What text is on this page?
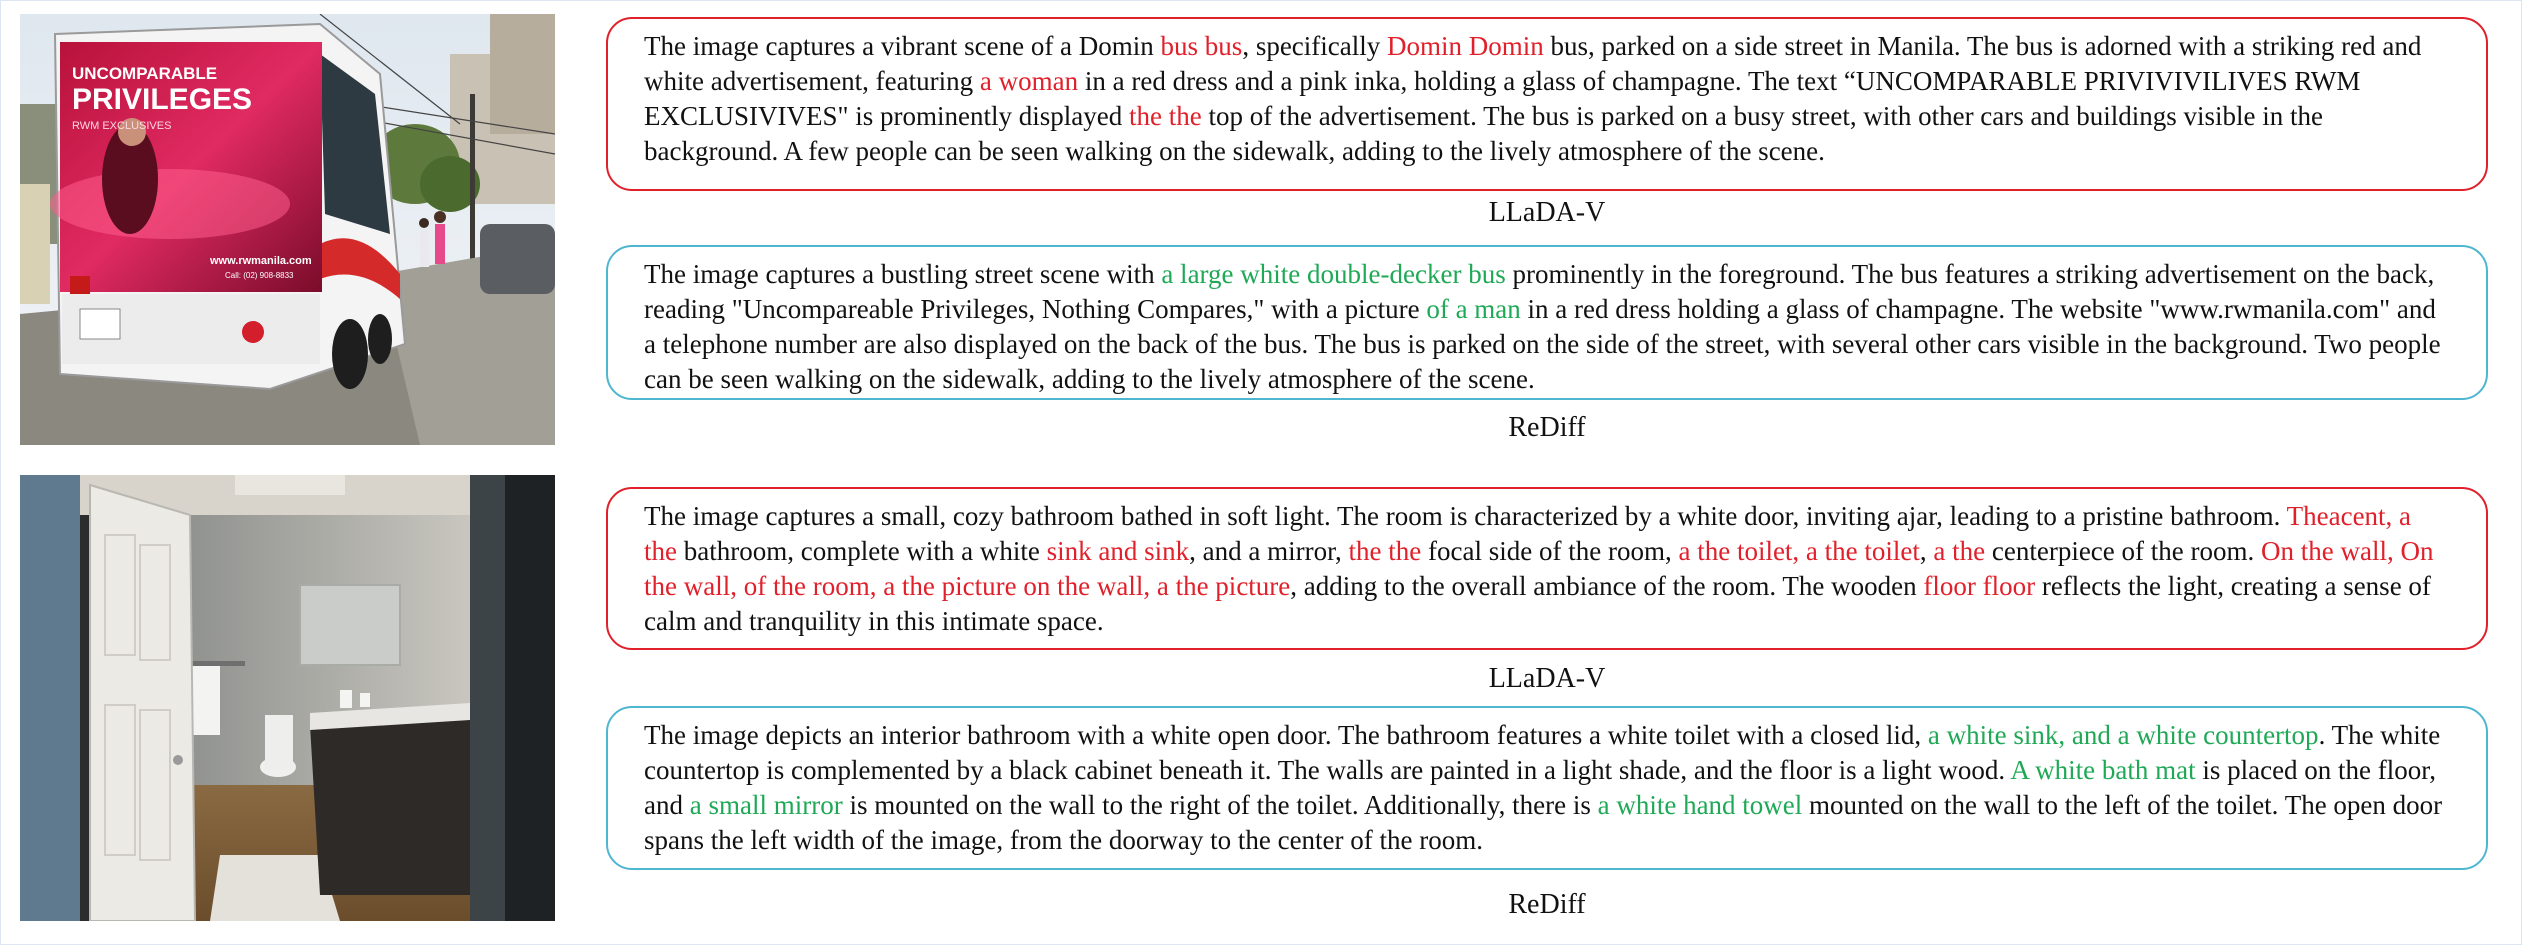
UNCOMPARABLE
PRIVILEGES
RWM EXCLUSIVES
www.rwmanila.com
Call: (02) 908-8833
The image captures a vibrant scene of a Domin bus bus, specifically Domin Domin bus, parked on a side street in Manila. The bus is adorned with a striking red and white advertisement, featuring a woman in a red dress and a pink inka, holding a glass of champagne. The text “UNCOMPARABLE PRIVIVIVILIVES RWM EXCLUSIVIVES" is prominently displayed the the top of the advertisement. The bus is parked on a busy street, with other cars and buildings visible in the background. A few people can be seen walking on the sidewalk, adding to the lively atmosphere of the scene.
LLaDA-V
The image captures a bustling street scene with a large white double-decker bus prominently in the foreground. The bus features a striking advertisement on the back, reading "Uncompareable Privileges, Nothing Compares," with a picture of a man in a red dress holding a glass of champagne. The website "www.rwmanila.com" and a telephone number are also displayed on the back of the bus. The bus is parked on the side of the street, with several other cars visible in the background. Two people can be seen walking on the sidewalk, adding to the lively atmosphere of the scene.
ReDiff
The image captures a small, cozy bathroom bathed in soft light. The room is characterized by a white door, inviting ajar, leading to a pristine bathroom. Theacent, a the bathroom, complete with a white sink and sink, and a mirror, the the focal side of the room, a the toilet, a the toilet, a the centerpiece of the room. On the wall, On the wall, of the room, a the picture on the wall, a the picture, adding to the overall ambiance of the room. The wooden floor floor reflects the light, creating a sense of calm and tranquility in this intimate space.
LLaDA-V
The image depicts an interior bathroom with a white open door. The bathroom features a white toilet with a closed lid, a white sink, and a white countertop. The white countertop is complemented by a black cabinet beneath it. The walls are painted in a light shade, and the floor is a light wood. A white bath mat is placed on the floor, and a small mirror is mounted on the wall to the right of the toilet. Additionally, there is a white hand towel mounted on the wall to the left of the toilet. The open door spans the left width of the image, from the doorway to the center of the room.
ReDiff
